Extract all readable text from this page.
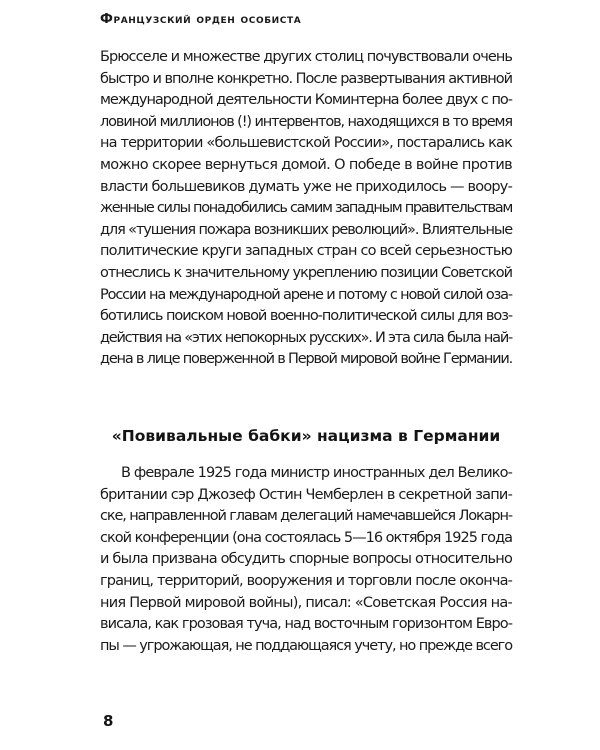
Французский орден особиста
Брюсселе и множестве других столиц почувствовали очень
быстро и вполне конкретно. После развертывания активной
международной деятельности Коминтерна более двух с по-
ловиной миллионов (!) интервентов, находящихся в то время
на территории «большевистской России», постарались как
можно скорее вернуться домой. О победе в войне против
власти большевиков думать уже не приходилось — воору-
женные силы понадобились самим западным правительствам
для «тушения пожара возникших революций». Влиятельные
политические круги западных стран со всей серьезностью
отнеслись к значительному укреплению позиции Советской
России на международной арене и потому с новой силой оза-
ботились поиском новой военно-политической силы для воз-
действия на «этих непокорных русских». И эта сила была най-
дена в лице поверженной в Первой мировой войне Германии.
«Повивальные бабки» нацизма в Германии
В феврале 1925 года министр иностранных дел Велико-
британии сэр Джозеф Остин Чемберлен в секретной запи-
ске, направленной главам делегаций намечавшейся Локарн-
ской конференции (она состоялась 5—16 октября 1925 года
и была призвана обсудить спорные вопросы относительно
границ, территорий, вооружения и торговли после оконча-
ния Первой мировой войны), писал: «Советская Россия на-
висала, как грозовая туча, над восточным горизонтом Евро-
пы — угрожающая, не поддающаяся учету, но прежде всего
8
